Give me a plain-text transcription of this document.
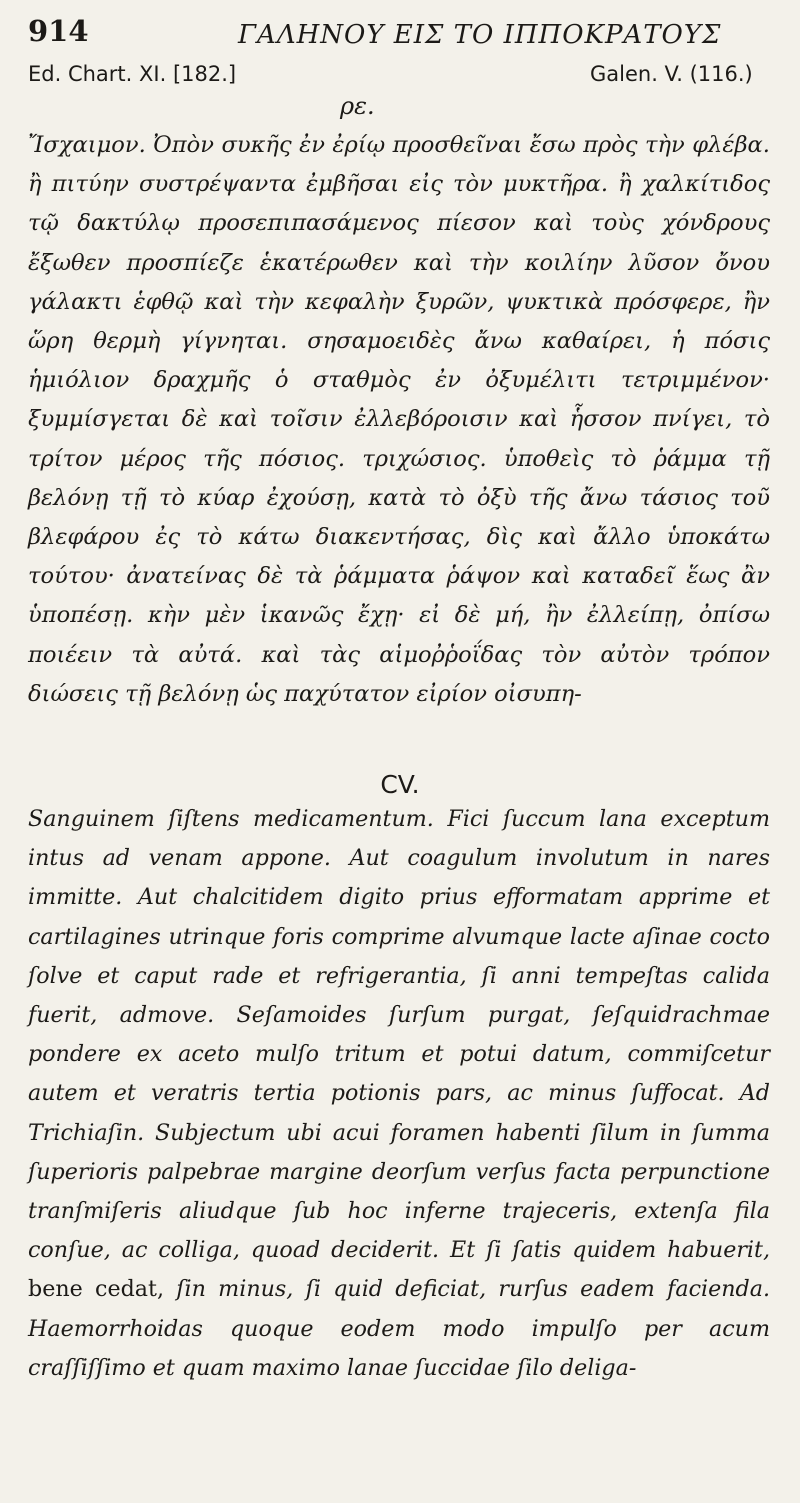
914	ΓΑΛΗΝΟΥ ΕΙΣ ΤΟ ΙΠΠΟΚΡΑΤΟΥΣ
Ed. Chart. XI. [182.]	Galen. V. (116.)
ρε.
Ἴσχαιμον. Ὀπὸν συκῆς ἐν ἐρίῳ προσθεῖναι ἔσω πρὸς τὴν φλέβα. ἢ πιτύην συστρέψαντα ἐμβῆσαι εἰς τὸν μυκτῆρα. ἢ χαλκίτιδος τῷ δακτύλῳ προσεπιπασάμενος πίεσον καὶ τοὺς χόνδρους ἔξωθεν προσπίεζε ἑκατέρωθεν καὶ τὴν κοιλίην λῦσον ὄνου γάλακτι ἑφθῷ καὶ τὴν κεφαλὴν ξυρῶν, ψυκτικὰ πρόσφερε, ἢν ὥρη θερμὴ γίγνηται. σησαμοειδὲς ἄνω καθαίρει, ἡ πόσις ἡμιόλιον δραχμῆς ὁ σταθμὸς ἐν ὀξυμέλιτι τετριμμένον· ξυμμίσγεται δὲ καὶ τοῖσιν ἐλλεβόροισιν καὶ ἧσσον πνίγει, τὸ τρίτον μέρος τῆς πόσιος. τριχώσιος. ὑποθεὶς τὸ ῥάμμα τῇ βελόνῃ τῇ τὸ κύαρ ἐχούσῃ, κατὰ τὸ ὀξὺ τῆς ἄνω τάσιος τοῦ βλεφάρου ἐς τὸ κάτω διακεντήσας, δὶς καὶ ἄλλο ὑποκάτω τούτου· ἀνατείνας δὲ τὰ ῥάμματα ῥάψον καὶ καταδεῖ ἕως ἂν ὑποπέσῃ. κὴν μὲν ἱκανῶς ἔχῃ· εἰ δὲ μή, ἢν ἐλλείπῃ, ὀπίσω ποιέειν τὰ αὐτά. καὶ τὰς αἱμοῤῥοΐδας τὸν αὐτὸν τρόπον διώσεις τῇ βελόνῃ ὡς παχύτατον εἰρίον οἰσυπη-
CV.
Sanguinem ſiſtens medicamentum. Fici ſuccum lana exceptum intus ad venam appone. Aut coagulum involutum in nares immitte. Aut chalcitidem digito prius efformatam apprime et cartilagines utrinque foris comprime alvumque lacte aſinae cocto ſolve et caput rade et refrigerantia, ſi anni tempeſtas calida fuerit, admove. Seſamoides ſurſum purgat, ſeſquidrachmae pondere ex aceto mulſo tritum et potui datum, commiſcetur autem et veratris tertia potionis pars, ac minus ſuffocat. Ad Trichiaſin. Subjectum ubi acui foramen habenti ſilum in ſumma ſuperioris palpebrae margine deorſum verſus facta perpunctione tranſmiſeris aliudque ſub hoc inferne trajeceris, extenſa fila conſue, ac colliga, quoad deciderit. Et ſi ſatis quidem habuerit, bene cedat, ſin minus, ſi quid deficiat, rurſus eadem facienda. Haemorrhoidas quoque eodem modo impulſo per acum craſſiſſimo et quam maximo lanae ſuccidae ſilo deliga-
